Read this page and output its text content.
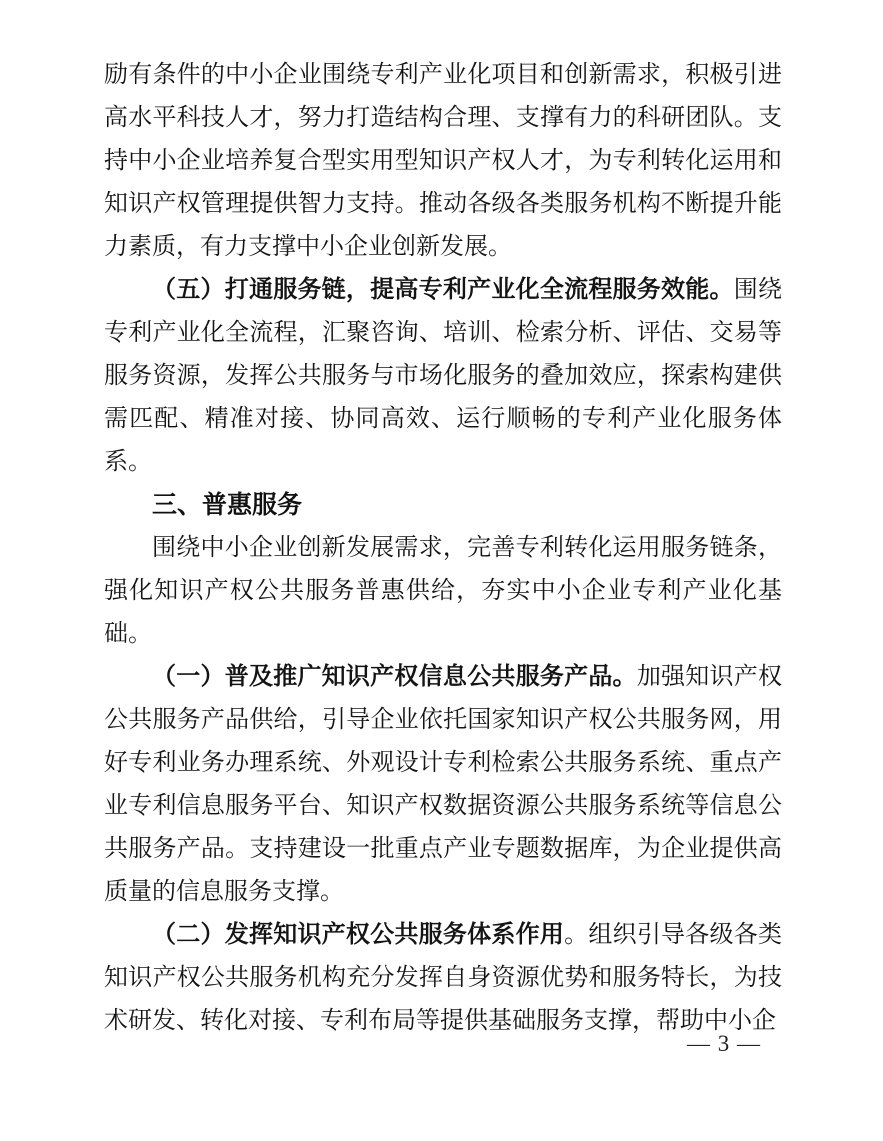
励有条件的中小企业围绕专利产业化项目和创新需求，积极引进高水平科技人才，努力打造结构合理、支撑有力的科研团队。支持中小企业培养复合型实用型知识产权人才，为专利转化运用和知识产权管理提供智力支持。推动各级各类服务机构不断提升能力素质，有力支撑中小企业创新发展。

（五）打通服务链，提高专利产业化全流程服务效能。围绕专利产业化全流程，汇聚咨询、培训、检索分析、评估、交易等服务资源，发挥公共服务与市场化服务的叠加效应，探索构建供需匹配、精准对接、协同高效、运行顺畅的专利产业化服务体系。

三、普惠服务

围绕中小企业创新发展需求，完善专利转化运用服务链条，强化知识产权公共服务普惠供给，夯实中小企业专利产业化基础。

（一）普及推广知识产权信息公共服务产品。加强知识产权公共服务产品供给，引导企业依托国家知识产权公共服务网，用好专利业务办理系统、外观设计专利检索公共服务系统、重点产业专利信息服务平台、知识产权数据资源公共服务系统等信息公共服务产品。支持建设一批重点产业专题数据库，为企业提供高质量的信息服务支撑。

（二）发挥知识产权公共服务体系作用。组织引导各级各类知识产权公共服务机构充分发挥自身资源优势和服务特长，为技术研发、转化对接、专利布局等提供基础服务支撑，帮助中小企

— 3 —
